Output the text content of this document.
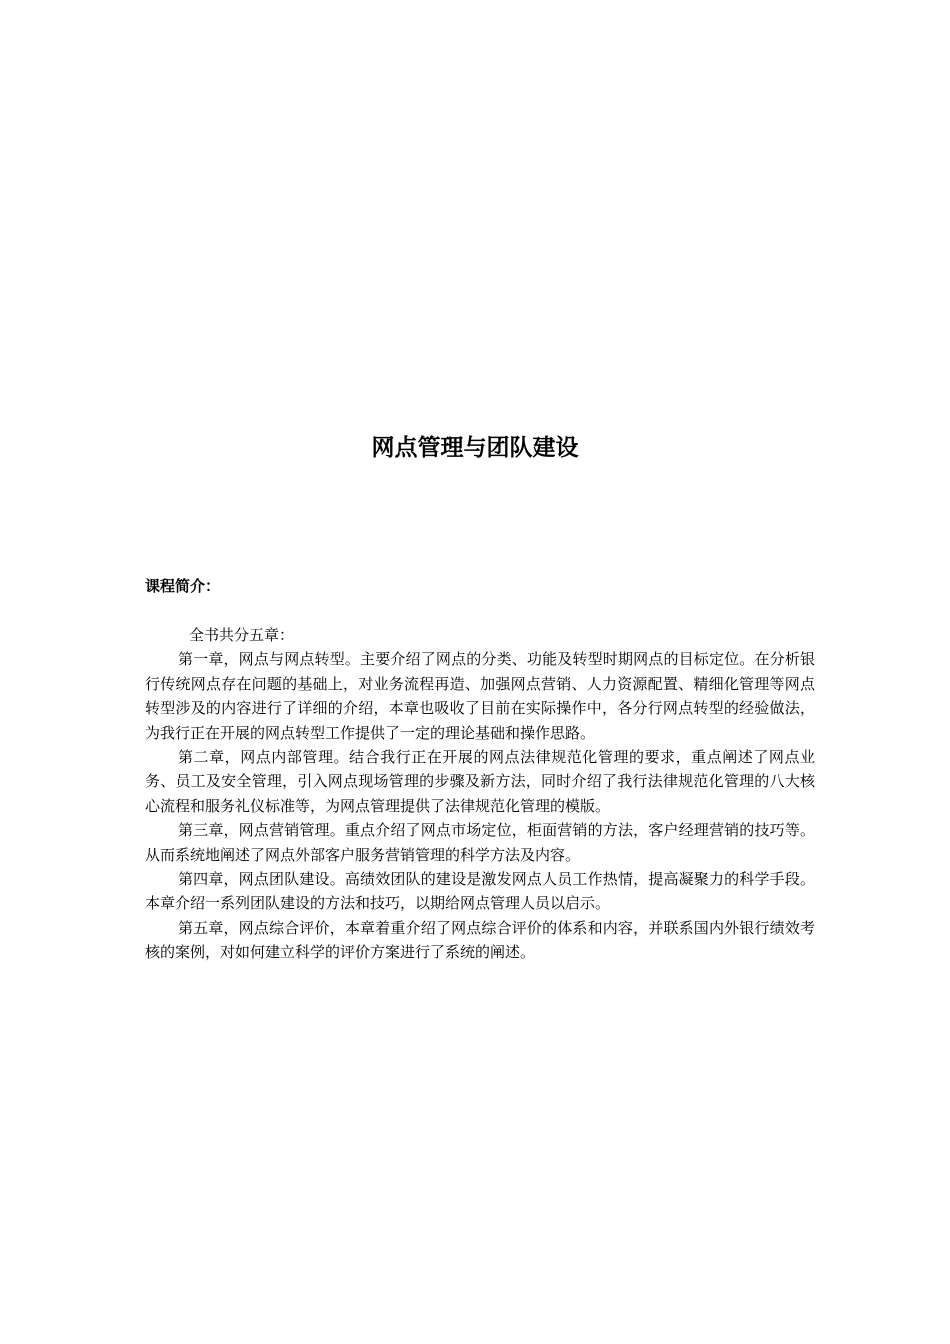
网点管理与团队建设
课程简介：

全书共分五章：

第一章，网点与网点转型。主要介绍了网点的分类、功能及转型时期网点的目标定位。在分析银行传统网点存在问题的基础上，对业务流程再造、加强网点营销、人力资源配置、精细化管理等网点转型涉及的内容进行了详细的介绍，本章也吸收了目前在实际操作中，各分行网点转型的经验做法，为我行正在开展的网点转型工作提供了一定的理论基础和操作思路。

第二章，网点内部管理。结合我行正在开展的网点法律规范化管理的要求，重点阐述了网点业务、员工及安全管理，引入网点现场管理的步骤及新方法，同时介绍了我行法律规范化管理的八大核心流程和服务礼仪标准等，为网点管理提供了法律规范化管理的模版。

第三章，网点营销管理。重点介绍了网点市场定位，柜面营销的方法，客户经理营销的技巧等。从而系统地阐述了网点外部客户服务营销管理的科学方法及内容。

第四章，网点团队建设。高绩效团队的建设是激发网点人员工作热情，提高凝聚力的科学手段。本章介绍一系列团队建设的方法和技巧，以期给网点管理人员以启示。

第五章，网点综合评价，本章着重介绍了网点综合评价的体系和内容，并联系国内外银行绩效考核的案例，对如何建立科学的评价方案进行了系统的阐述。
